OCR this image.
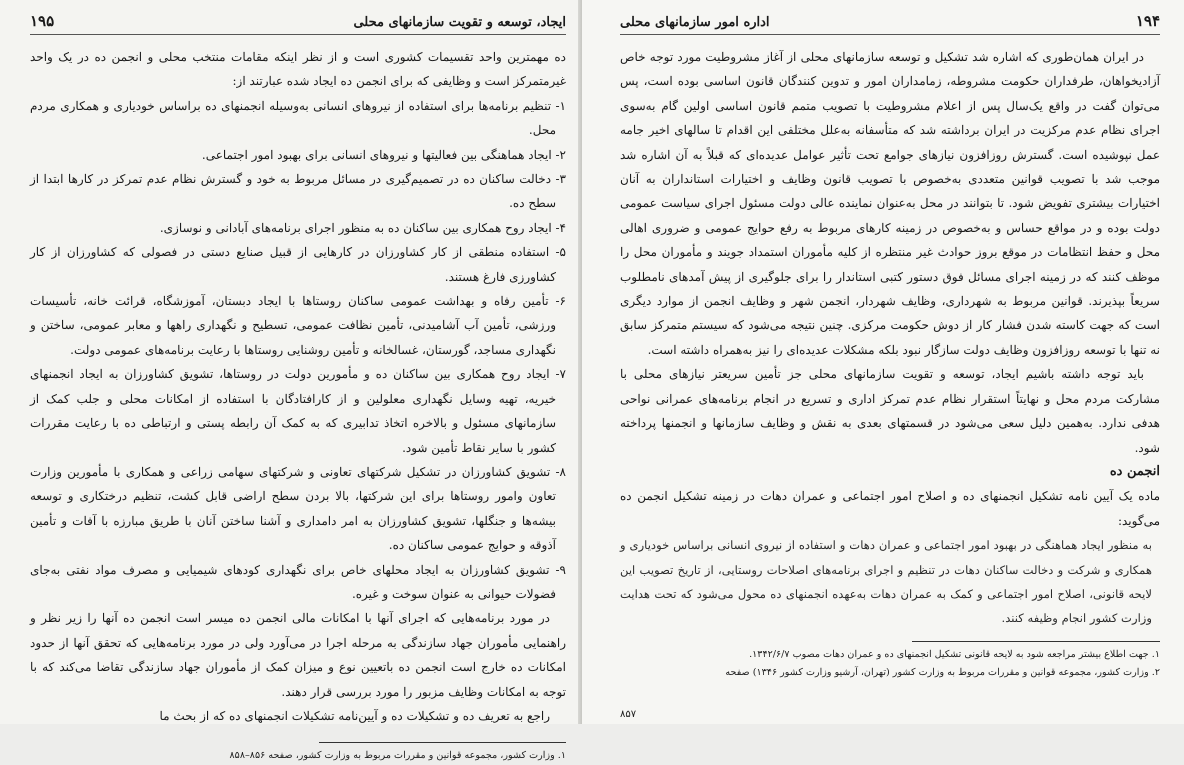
ایجاد، توسعه و تقویت سازمانهای محلی
۱۹۵

ده مهمترین واحد تقسیمات کشوری است و از نظر اینکه مقامات منتخب محلی و انجمن ده در یک واحد غیرمتمرکز است و وظایفی که برای انجمن ده ایجاد شده عبارتند از:

۱- تنظیم برنامه‌ها برای استفاده از نیروهای انسانی به‌وسیله انجمنهای ده براساس خودیاری و همکاری مردم محل.

۲- ایجاد هماهنگی بین فعالیتها و نیروهای انسانی برای بهبود امور اجتماعی.

۳- دخالت ساکنان ده در تصمیم‌گیری در مسائل مربوط به خود و گسترش نظام عدم تمرکز در کارها ابتدا از سطح ده.

۴- ایجاد روح همکاری بین ساکنان ده به منظور اجرای برنامه‌های آبادانی و نوسازی.

۵- استفاده منطقی از کار کشاورزان در کارهایی از قبیل صنایع دستی در فصولی که کشاورزان از کار کشاورزی فارغ هستند.

۶- تأمین رفاه و بهداشت عمومی ساکنان روستاها با ایجاد دبستان، آموزشگاه، قرائت خانه، تأسیسات ورزشی، تأمین آب آشامیدنی، تأمین نظافت عمومی، تسطیح و نگهداری راهها و معابر عمومی، ساختن و نگهداری مساجد، گورستان، غسالخانه و تأمین روشنایی روستاها با رعایت برنامه‌های عمومی دولت.

۷- ایجاد روح همکاری بین ساکنان ده و مأمورین دولت در روستاها، تشویق کشاورزان به ایجاد انجمنهای خیریه، تهیه وسایل نگهداری معلولین و از کارافتادگان با استفاده از امکانات محلی و جلب کمک از سازمانهای مسئول و بالاخره اتخاذ تدابیری که به کمک آن رابطه پستی و ارتباطی ده با رعایت مقررات کشور با سایر نقاط تأمین شود.

۸- تشویق کشاورزان در تشکیل شرکتهای تعاونی و شرکتهای سهامی زراعی و همکاری با مأمورین وزارت تعاون وامور روستاها برای این شرکتها، بالا بردن سطح اراضی قابل کشت، تنظیم درختکاری و توسعه بیشه‌ها و جنگلها، تشویق کشاورزان به امر دامداری و آشنا ساختن آنان با طریق مبارزه با آفات و تأمین آذوقه و حوایج عمومی ساکنان ده.

۹- تشویق کشاورزان به ایجاد محلهای خاص برای نگهداری کودهای شیمیایی و مصرف مواد نفتی به‌جای فضولات حیوانی به عنوان سوخت و غیره.

در مورد برنامه‌هایی که اجرای آنها با امکانات مالی انجمن ده میسر است انجمن ده آنها را زیر نظر و راهنمایی مأموران جهاد سازندگی به مرحله اجرا در می‌آورد ولی در مورد برنامه‌هایی که تحقق آنها از حدود امکانات ده خارج است انجمن ده باتعیین نوع و میزان کمک از مأموران جهاد سازندگی تقاضا می‌کند که با توجه به امکانات وظایف مزبور را مورد بررسی قرار دهند.

راجع به تعریف ده و تشکیلات ده و آیین‌نامه تشکیلات انجمنهای ده که از بحث ما

۱. وزارت کشور، مجموعه قوانین و مقررات مربوط به وزارت کشور، صفحه ۸۵۶–۸۵۸

۱۹۴
اداره امور سازمانهای محلی

در ایران همان‌طوری که اشاره شد تشکیل و توسعه سازمانهای محلی از آغاز مشروطیت مورد توجه خاص آزادیخواهان، طرفداران حکومت مشروطه، زمامداران امور و تدوین کنندگان قانون اساسی بوده است، پس می‌توان گفت در واقع یک‌سال پس از اعلام مشروطیت با تصویب متمم قانون اساسی اولین گام به‌سوی اجرای نظام عدم مرکزیت در ایران برداشته شد که متأسفانه به‌علل مختلفی این اقدام تا سالهای اخیر جامه عمل نپوشیده است. گسترش روزافزون نیازهای جوامع تحت تأثیر عوامل عدیده‌ای که قبلاً به آن اشاره شد موجب شد با تصویب قوانین متعددی به‌خصوص با تصویب قانون وظایف و اختیارات استانداران به آنان اختیارات بیشتری تفویض شود. تا بتوانند در محل به‌عنوان نماینده عالی دولت مسئول اجرای سیاست عمومی دولت بوده و در مواقع حساس و به‌خصوص در زمینه کارهای مربوط به رفع حوایج عمومی و ضروری اهالی محل و حفظ انتظامات در موقع بروز حوادث غیر منتظره از کلیه مأموران استمداد جویند و مأموران محل را موظف کنند که در زمینه اجرای مسائل فوق دستور کتبی استاندار را برای جلوگیری از پیش آمدهای نامطلوب سریعاً بپذیرند. قوانین مربوط به شهرداری، وظایف شهردار، انجمن شهر و وظایف انجمن از موارد دیگری است که جهت کاسته شدن فشار کار از دوش حکومت مرکزی. چنین نتیجه می‌شود که سیستم متمرکز سابق نه تنها با توسعه روزافزون وظایف دولت سازگار نبود بلکه مشکلات عدیده‌ای را نیز به‌همراه داشته است.

باید توجه داشته باشیم ایجاد، توسعه و تقویت سازمانهای محلی جز تأمین سریعتر نیازهای محلی با مشارکت مردم محل و نهایتاً استقرار نظام عدم تمرکز اداری و تسریع در انجام برنامه‌های عمرانی نواحی هدفی ندارد. به‌همین دلیل سعی می‌شود در قسمتهای بعدی به نقش و وظایف سازمانها و انجمنها پرداخته شود.

انجمن ده

ماده یک آیین نامه تشکیل انجمنهای ده و اصلاح امور اجتماعی و عمران دهات در زمینه تشکیل انجمن ده می‌گوید:

به منظور ایجاد هماهنگی در بهبود امور اجتماعی و عمران دهات و استفاده از نیروی انسانی براساس خودیاری و همکاری و شرکت و دخالت ساکنان دهات در تنظیم و اجرای برنامه‌های اصلاحات روستایی، از تاریخ تصویب این لایحه قانونی، اصلاح امور اجتماعی و کمک به عمران دهات به‌عهده انجمنهای ده محول می‌شود که تحت هدایت وزارت کشور انجام وظیفه کنند.

۱. جهت اطلاع بیشتر مراجعه شود به لایحه قانونی تشکیل انجمنهای ده و عمران دهات مصوب ۱۳۴۲/۶/۷.

۲. وزارت کشور، مجموعه قوانین و مقررات مربوط به وزارت کشور (تهران، آرشیو وزارت کشور ۱۳۴۶) صفحه

۸۵۷
